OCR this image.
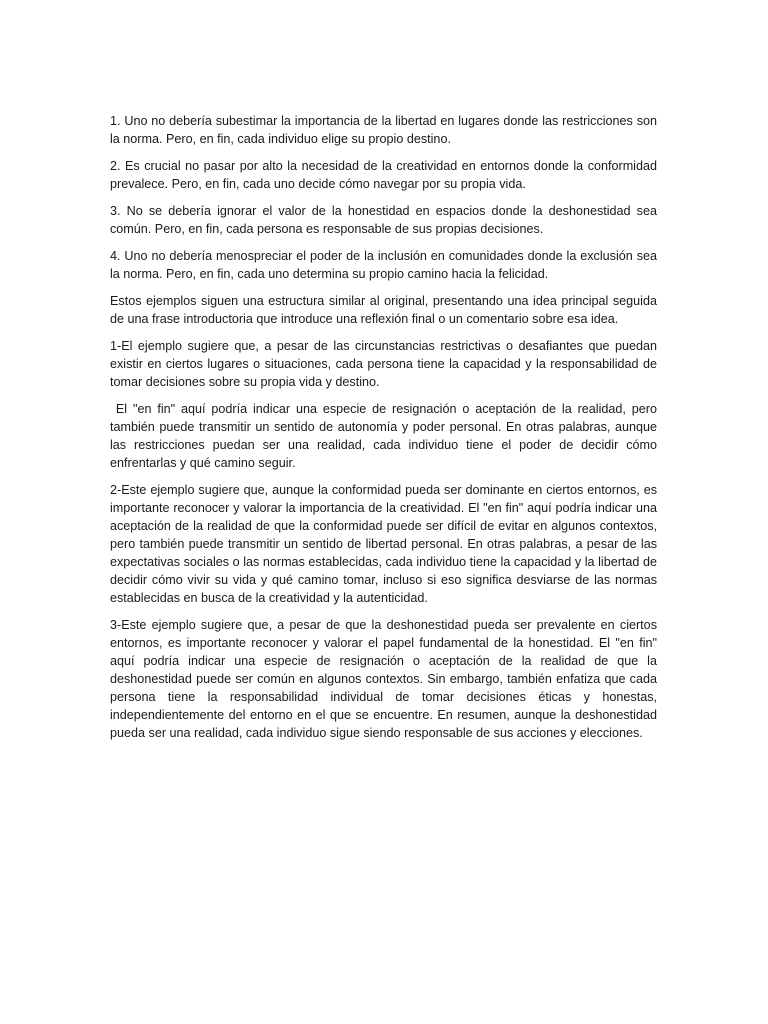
1. Uno no debería subestimar la importancia de la libertad en lugares donde las restricciones son la norma. Pero, en fin, cada individuo elige su propio destino.

2. Es crucial no pasar por alto la necesidad de la creatividad en entornos donde la conformidad prevalece. Pero, en fin, cada uno decide cómo navegar por su propia vida.

3. No se debería ignorar el valor de la honestidad en espacios donde la deshonestidad sea común. Pero, en fin, cada persona es responsable de sus propias decisiones.

4. Uno no debería menospreciar el poder de la inclusión en comunidades donde la exclusión sea la norma. Pero, en fin, cada uno determina su propio camino hacia la felicidad.

Estos ejemplos siguen una estructura similar al original, presentando una idea principal seguida de una frase introductoria que introduce una reflexión final o un comentario sobre esa idea.

1-El ejemplo sugiere que, a pesar de las circunstancias restrictivas o desafiantes que puedan existir en ciertos lugares o situaciones, cada persona tiene la capacidad y la responsabilidad de tomar decisiones sobre su propia vida y destino.

El "en fin" aquí podría indicar una especie de resignación o aceptación de la realidad, pero también puede transmitir un sentido de autonomía y poder personal. En otras palabras, aunque las restricciones puedan ser una realidad, cada individuo tiene el poder de decidir cómo enfrentarlas y qué camino seguir.

2-Este ejemplo sugiere que, aunque la conformidad pueda ser dominante en ciertos entornos, es importante reconocer y valorar la importancia de la creatividad. El "en fin" aquí podría indicar una aceptación de la realidad de que la conformidad puede ser difícil de evitar en algunos contextos, pero también puede transmitir un sentido de libertad personal. En otras palabras, a pesar de las expectativas sociales o las normas establecidas, cada individuo tiene la capacidad y la libertad de decidir cómo vivir su vida y qué camino tomar, incluso si eso significa desviarse de las normas establecidas en busca de la creatividad y la autenticidad.

3-Este ejemplo sugiere que, a pesar de que la deshonestidad pueda ser prevalente en ciertos entornos, es importante reconocer y valorar el papel fundamental de la honestidad. El "en fin" aquí podría indicar una especie de resignación o aceptación de la realidad de que la deshonestidad puede ser común en algunos contextos. Sin embargo, también enfatiza que cada persona tiene la responsabilidad individual de tomar decisiones éticas y honestas, independientemente del entorno en el que se encuentre. En resumen, aunque la deshonestidad pueda ser una realidad, cada individuo sigue siendo responsable de sus acciones y elecciones.
